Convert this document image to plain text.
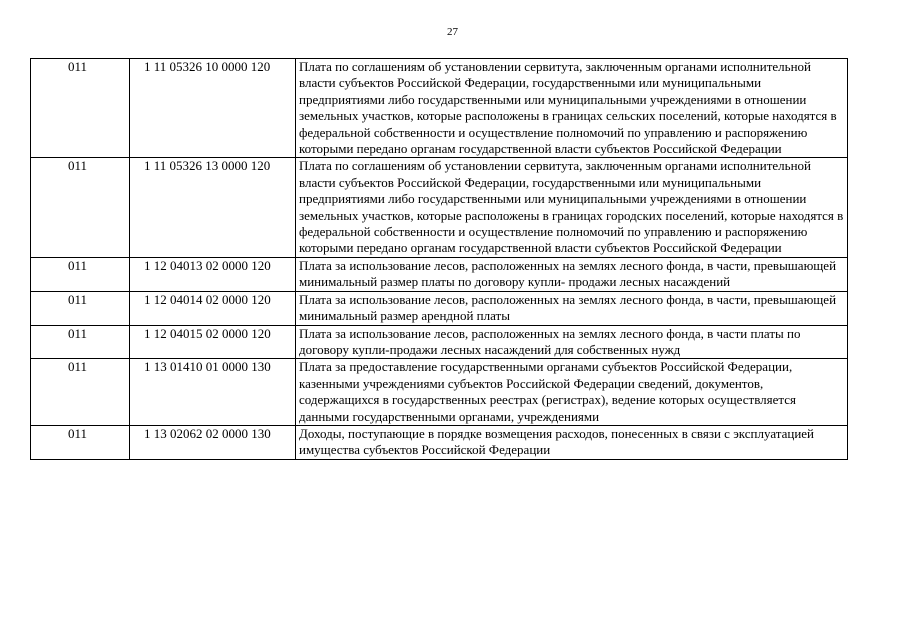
27
011	1 11 05326 10 0000 120	Плата по соглашениям об установлении сервитута, заключенным органами исполнительной власти субъектов Российской Федерации, государственными или муниципальными предприятиями либо государственными или муниципальными учреждениями в отношении земельных участков, которые расположены в границах сельских поселений, которые находятся в федеральной собственности и осуществление полномочий по управлению и распоряжению которыми передано органам государственной власти субъектов Российской Федерации
011	1 11 05326 13 0000 120	Плата по соглашениям об установлении сервитута, заключенным органами исполнительной власти субъектов Российской Федерации, государственными или муниципальными предприятиями либо государственными или муниципальными учреждениями в отношении земельных участков, которые расположены в границах городских поселений, которые находятся в федеральной собственности и осуществление полномочий по управлению и распоряжению которыми передано органам государственной власти субъектов Российской Федерации
011	1 12 04013 02 0000 120	Плата за использование лесов, расположенных на землях лесного фонда, в части, превышающей минимальный размер платы по договору купли- продажи лесных насаждений
011	1 12 04014 02 0000 120	Плата за использование лесов, расположенных на землях лесного фонда, в части, превышающей минимальный размер арендной платы
011	1 12 04015 02 0000 120	Плата за использование лесов, расположенных на землях лесного фонда, в части платы по договору купли-продажи лесных насаждений для собственных нужд
011	1 13 01410 01 0000 130	Плата за предоставление государственными органами субъектов Российской Федерации, казенными учреждениями субъектов Российской Федерации сведений, документов, содержащихся в государственных реестрах (регистрах), ведение которых осуществляется данными государственными органами, учреждениями
011	1 13 02062 02 0000 130	Доходы, поступающие в порядке возмещения расходов, понесенных в связи с эксплуатацией имущества субъектов Российской Федерации
